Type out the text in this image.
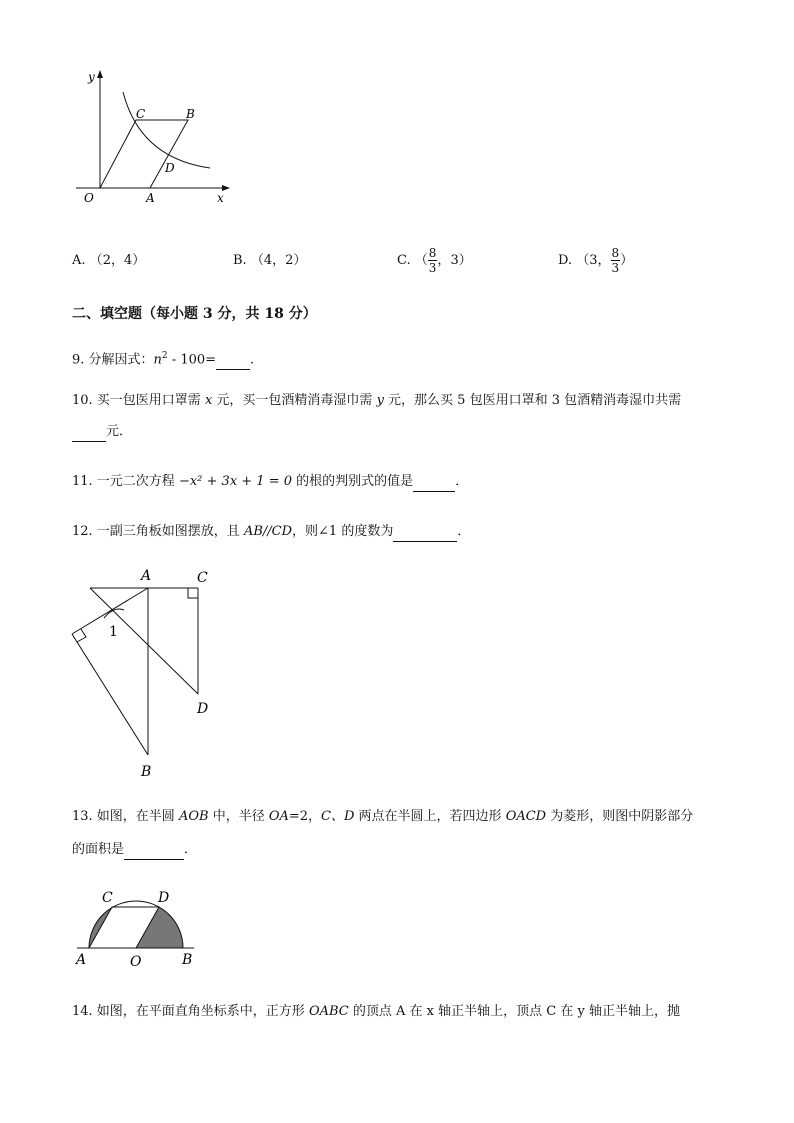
y
C	B
D
O	A	x
A. （2，4）	B. （4，2）	C. （ $\frac{8}{3}$ ，3）	D. （3， $\frac{8}{3}$ ）
二、填空题（每小题 3 分，共 18 分）
9. 分解因式：$n^2 - 100=$	.
10. 买一包医用口罩需 x 元，买一包酒精消毒湿巾需 y 元，那么买 5 包医用口罩和 3 包酒精消毒湿巾共需
元．
11. 一元二次方程 −x² + 3x + 1 = 0 的根的判别式的值是	．
12. 一副三角板如图摆放，且 AB//CD，则∠1 的度数为	．
A	C
1
D
B
13. 如图，在半圆 AOB 中，半径 OA=2，C、D 两点在半圆上，若四边形 OACD 为菱形，则图中阴影部分
的面积是	．
C	D
A	O	B
14. 如图，在平面直角坐标系中，正方形 OABC 的顶点 A 在 x 轴正半轴上，顶点 C 在 y 轴正半轴上，抛
